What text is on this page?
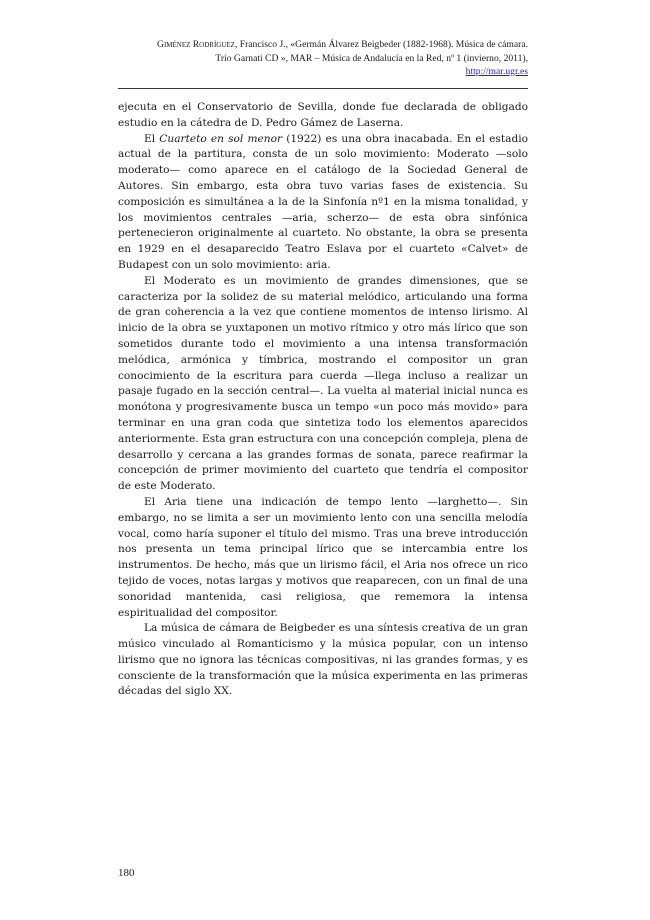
Giménez Rodríguez, Francisco J., «Germán Álvarez Beigbeder (1882-1968). Música de cámara.
Trío Garnati CD », MAR – Música de Andalucía en la Red, nº 1 (invierno, 2011),
http://mar.ugr.es

ejecuta en el Conservatorio de Sevilla, donde fue declarada de obligado estudio en la cátedra de D. Pedro Gámez de Laserna.

El Cuarteto en sol menor (1922) es una obra inacabada. En el estadio actual de la partitura, consta de un solo movimiento: Moderato —solo moderato— como aparece en el catálogo de la Sociedad General de Autores. Sin embargo, esta obra tuvo varias fases de existencia. Su composición es simultánea a la de la Sinfonía nº1 en la misma tonalidad, y los movimientos centrales —aria, scherzo— de esta obra sinfónica pertenecieron originalmente al cuarteto. No obstante, la obra se presenta en 1929 en el desaparecido Teatro Eslava por el cuarteto «Calvet» de Budapest con un solo movimiento: aria.

El Moderato es un movimiento de grandes dimensiones, que se caracteriza por la solidez de su material melódico, articulando una forma de gran coherencia a la vez que contiene momentos de intenso lirismo. Al inicio de la obra se yuxtaponen un motivo rítmico y otro más lírico que son sometidos durante todo el movimiento a una intensa transformación melódica, armónica y tímbrica, mostrando el compositor un gran conocimiento de la escritura para cuerda —llega incluso a realizar un pasaje fugado en la sección central—. La vuelta al material inicial nunca es monótona y progresivamente busca un tempo «un poco más movido» para terminar en una gran coda que sintetiza todo los elementos aparecidos anteriormente. Esta gran estructura con una concepción compleja, plena de desarrollo y cercana a las grandes formas de sonata, parece reafirmar la concepción de primer movimiento del cuarteto que tendría el compositor de este Moderato.

El Aria tiene una indicación de tempo lento —larghetto—. Sin embargo, no se limita a ser un movimiento lento con una sencilla melodía vocal, como haría suponer el título del mismo. Tras una breve introducción nos presenta un tema principal lírico que se intercambia entre los instrumentos. De hecho, más que un lirismo fácil, el Aria nos ofrece un rico tejido de voces, notas largas y motivos que reaparecen, con un final de una sonoridad mantenida, casi religiosa, que rememora la intensa espiritualidad del compositor.

La música de cámara de Beigbeder es una síntesis creativa de un gran músico vinculado al Romanticismo y la música popular, con un intenso lirismo que no ignora las técnicas compositivas, ni las grandes formas, y es consciente de la transformación que la música experimenta en las primeras décadas del siglo XX.

180
